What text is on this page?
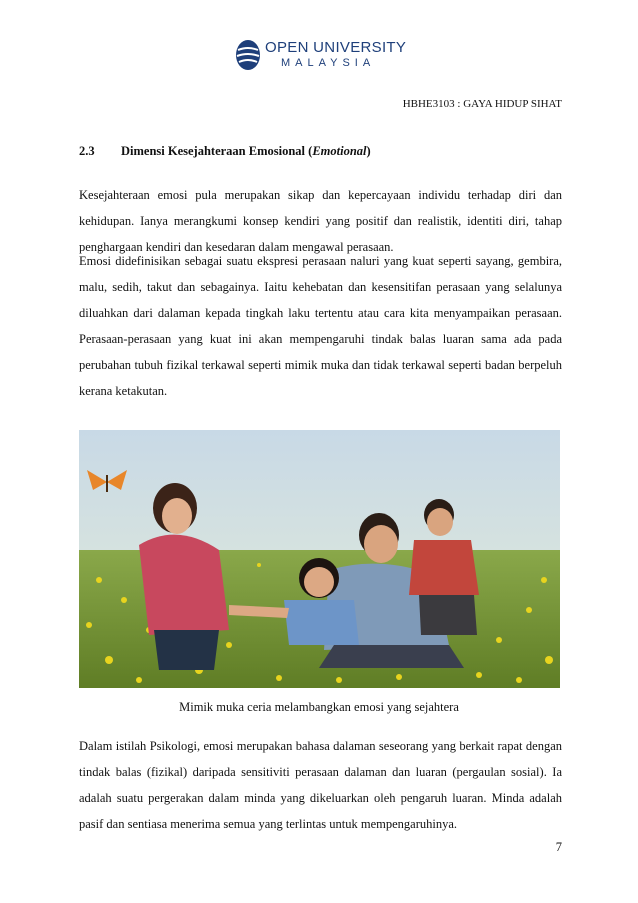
OPEN UNIVERSITY
MALAYSIA
HBHE3103 : GAYA HIDUP SIHAT
2.3 Dimensi Kesejahteraan Emosional (Emotional)
Kesejahteraan emosi pula merupakan sikap dan kepercayaan individu terhadap diri dan kehidupan. Ianya merangkumi konsep kendiri yang positif dan realistik, identiti diri, tahap penghargaan kendiri dan kesedaran dalam mengawal perasaan.
Emosi didefinisikan sebagai suatu ekspresi perasaan naluri yang kuat seperti sayang, gembira, malu, sedih, takut dan sebagainya. Iaitu kehebatan dan kesensitifan perasaan yang selalunya diluahkan dari dalaman kepada tingkah laku tertentu atau cara kita menyampaikan perasaan. Perasaan-perasaan yang kuat ini akan mempengaruhi tindak balas luaran sama ada pada perubahan tubuh fizikal terkawal seperti mimik muka dan tidak terkawal seperti badan berpeluh kerana ketakutan.
Mimik muka ceria melambangkan emosi yang sejahtera
Dalam istilah Psikologi, emosi merupakan bahasa dalaman seseorang yang berkait rapat dengan tindak balas (fizikal) daripada sensitiviti perasaan dalaman dan luaran (pergaulan sosial). Ia adalah suatu pergerakan dalam minda yang dikeluarkan oleh pengaruh luaran. Minda adalah pasif dan sentiasa menerima semua yang terlintas untuk mempengaruhinya.
7
